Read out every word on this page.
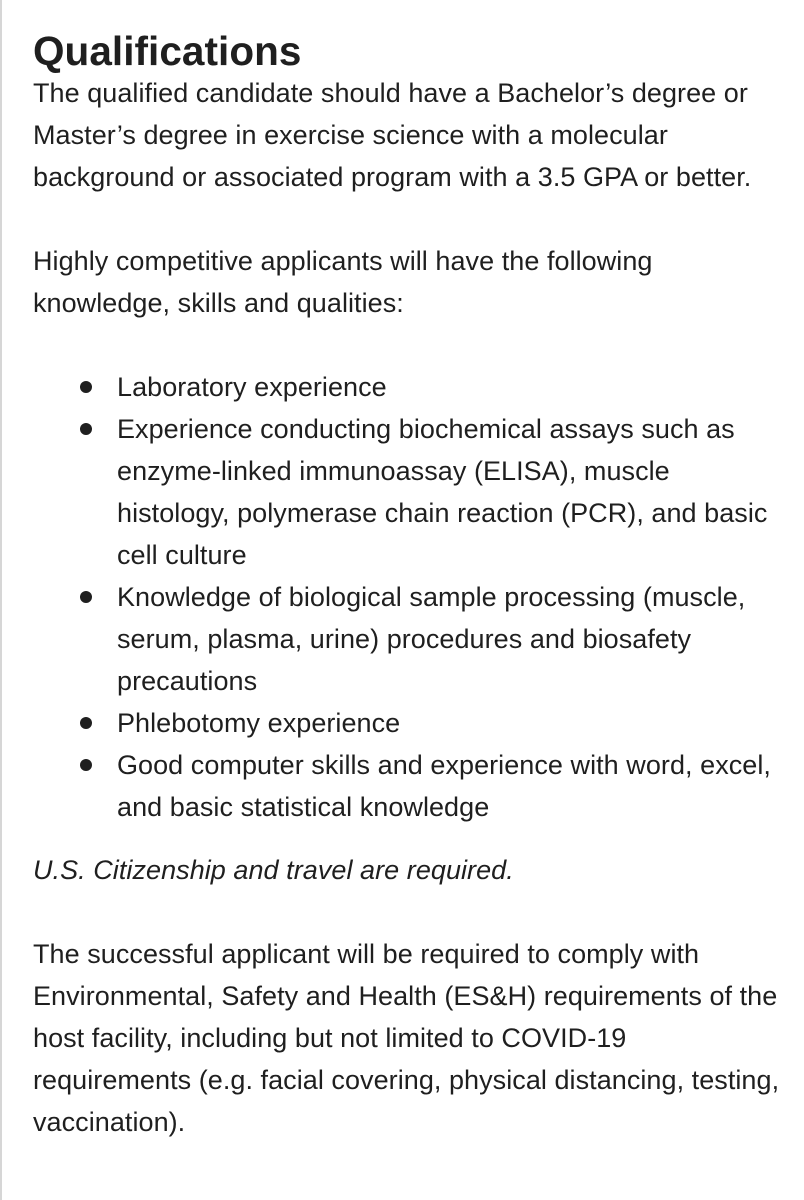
Qualifications

The qualified candidate should have a Bachelor’s degree or Master’s degree in exercise science with a molecular background or associated program with a 3.5 GPA or better.

Highly competitive applicants will have the following knowledge, skills and qualities:

Laboratory experience
Experience conducting biochemical assays such as enzyme-linked immunoassay (ELISA), muscle histology, polymerase chain reaction (PCR), and basic cell culture
Knowledge of biological sample processing (muscle, serum, plasma, urine) procedures and biosafety precautions
Phlebotomy experience
Good computer skills and experience with word, excel, and basic statistical knowledge

U.S. Citizenship and travel are required.

The successful applicant will be required to comply with Environmental, Safety and Health (ES&H) requirements of the host facility, including but not limited to COVID-19 requirements (e.g. facial covering, physical distancing, testing, vaccination).
